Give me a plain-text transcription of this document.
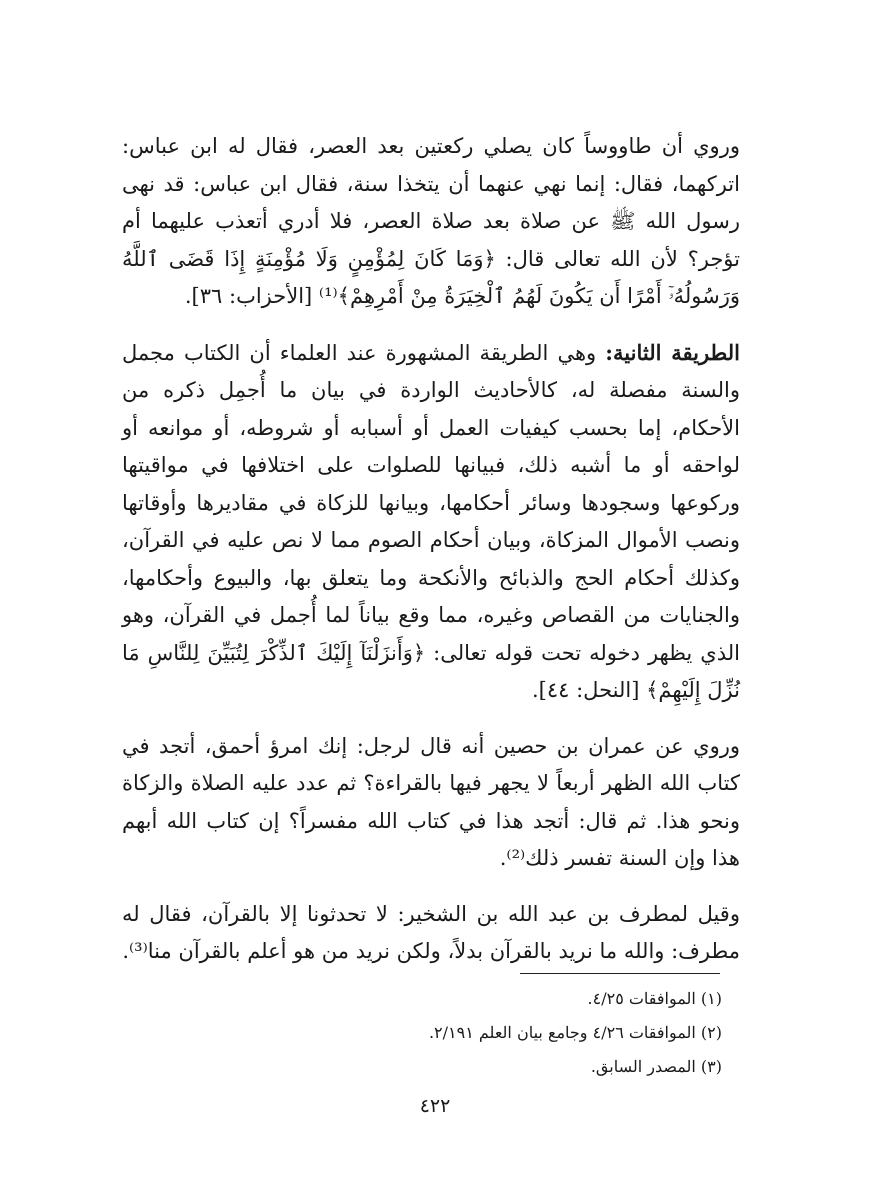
وروي أن طاووساً كان يصلي ركعتين بعد العصر، فقال له ابن عباس: اتركهما، فقال: إنما نهي عنهما أن يتخذا سنة، فقال ابن عباس: قد نهى رسول الله ﷺ عن صلاة بعد صلاة العصر، فلا أدري أتعذب عليهما أم تؤجر؟ لأن الله تعالى قال: ﴿وَمَا كَانَ لِمُؤْمِنٍ وَلَا مُؤْمِنَةٍ إِذَا قَضَى ٱللَّهُ وَرَسُولُهُۥٓ أَمْرًا أَن يَكُونَ لَهُمُ ٱلْخِيَرَةُ مِنْ أَمْرِهِمْ﴾⁽¹⁾ [الأحزاب: ٣٦].

الطريقة الثانية: وهي الطريقة المشهورة عند العلماء أن الكتاب مجمل والسنة مفصلة له، كالأحاديث الواردة في بيان ما أُجمِل ذكره من الأحكام، إما بحسب كيفيات العمل أو أسبابه أو شروطه، أو موانعه أو لواحقه أو ما أشبه ذلك، فبيانها للصلوات على اختلافها في مواقيتها وركوعها وسجودها وسائر أحكامها، وبيانها للزكاة في مقاديرها وأوقاتها ونصب الأموال المزكاة، وبيان أحكام الصوم مما لا نص عليه في القرآن، وكذلك أحكام الحج والذبائح والأنكحة وما يتعلق بها، والبيوع وأحكامها، والجنايات من القصاص وغيره، مما وقع بياناً لما أُجمل في القرآن، وهو الذي يظهر دخوله تحت قوله تعالى: ﴿وَأَنزَلْنَآ إِلَيْكَ ٱلذِّكْرَ لِتُبَيِّنَ لِلنَّاسِ مَا نُزِّلَ إِلَيْهِمْ﴾ [النحل: ٤٤].

وروي عن عمران بن حصين أنه قال لرجل: إنك امرؤ أحمق، أتجد في كتاب الله الظهر أربعاً لا يجهر فيها بالقراءة؟ ثم عدد عليه الصلاة والزكاة ونحو هذا. ثم قال: أتجد هذا في كتاب الله مفسراً؟ إن كتاب الله أبهم هذا وإن السنة تفسر ذلك⁽²⁾.

وقيل لمطرف بن عبد الله بن الشخير: لا تحدثونا إلا بالقرآن، فقال له مطرف: والله ما نريد بالقرآن بدلاً، ولكن نريد من هو أعلم بالقرآن منا⁽³⁾.

(١) الموافقات ٤/٢٥.

(٢) الموافقات ٤/٢٦ وجامع بيان العلم ٢/١٩١.

(٣) المصدر السابق.

٤٢٢
